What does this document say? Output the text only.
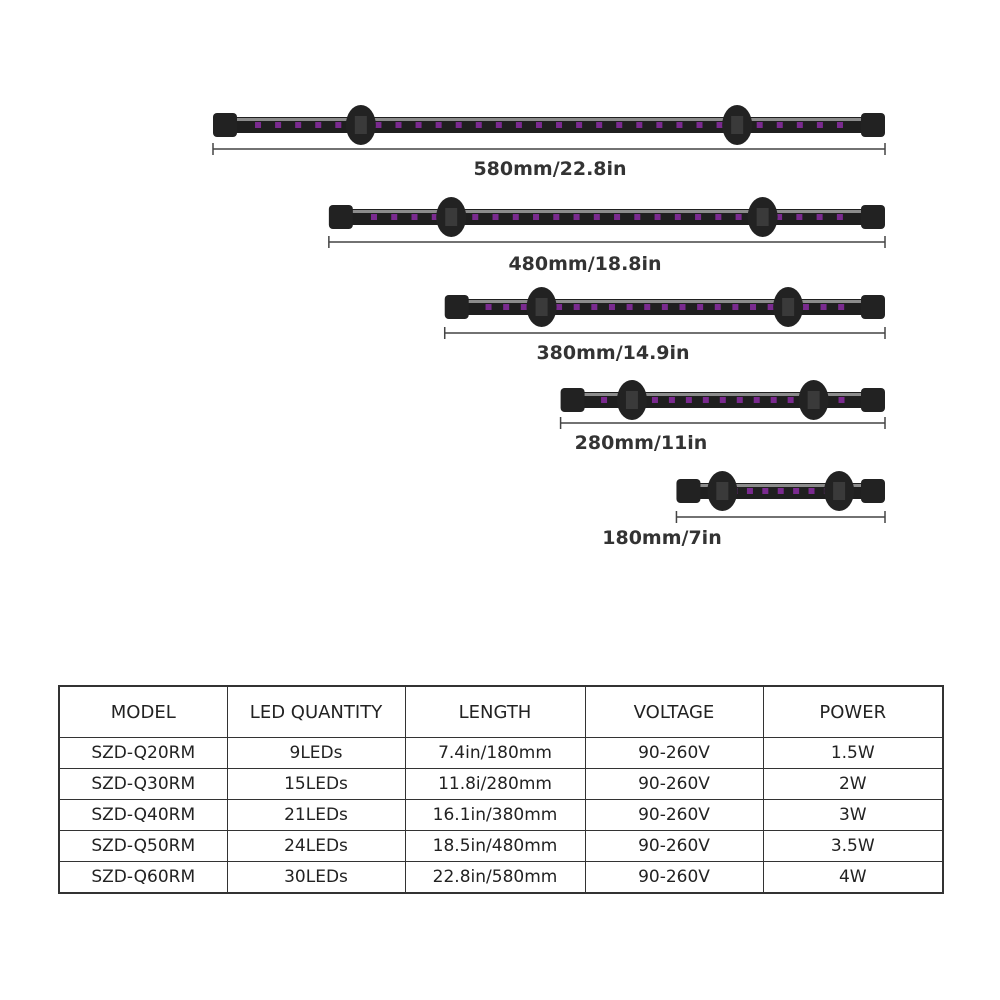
580mm/22.8in
480mm/18.8in
380mm/14.9in
280mm/11in
180mm/7in
MODEL	LED QUANTITY	LENGTH	VOLTAGE	POWER
SZD-Q20RM	9LEDs	7.4in/180mm	90-260V	1.5W
SZD-Q30RM	15LEDs	11.8i/280mm	90-260V	2W
SZD-Q40RM	21LEDs	16.1in/380mm	90-260V	3W
SZD-Q50RM	24LEDs	18.5in/480mm	90-260V	3.5W
SZD-Q60RM	30LEDs	22.8in/580mm	90-260V	4W
